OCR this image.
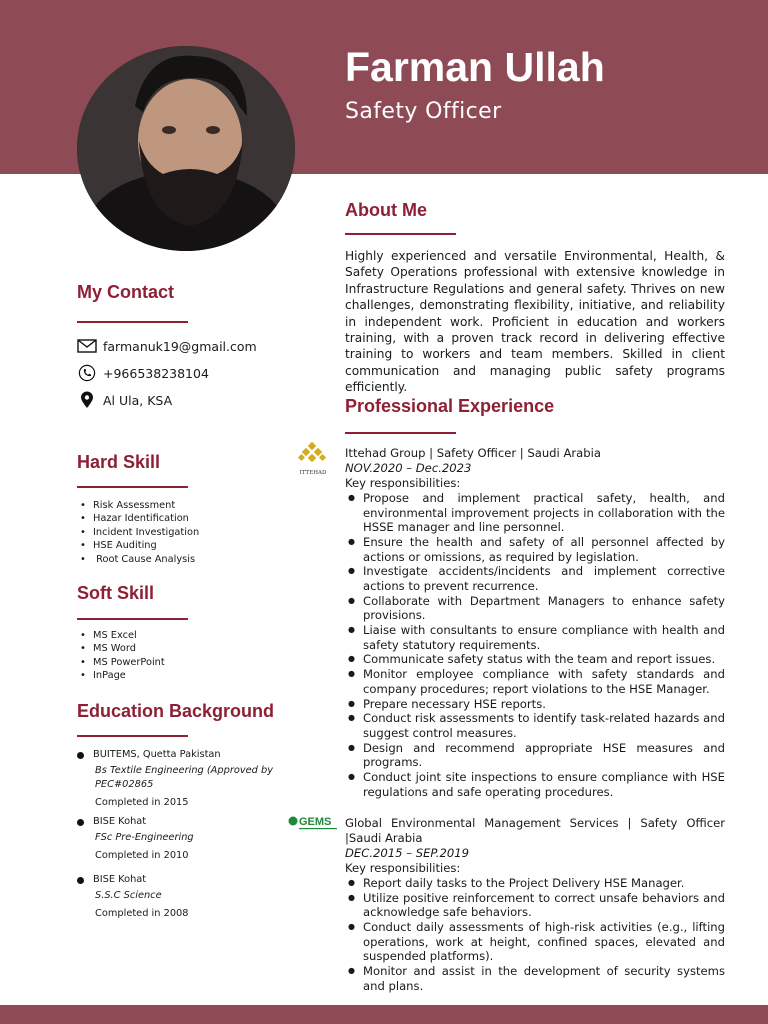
Farman Ullah
Safety Officer
My Contact
farmanuk19@gmail.com
+966538238104
Al Ula, KSA
Hard Skill
• Risk Assessment
• Hazar Identification
• Incident Investigation
• HSE Auditing
• Root Cause Analysis
Soft Skill
• MS Excel
• MS Word
• MS PowerPoint
• InPage
Education Background
BUITEMS, Quetta Pakistan
Bs Textile Engineering (Approved by PEC#02865
Completed in 2015
BISE Kohat
FSc Pre-Engineering
Completed in 2010
BISE Kohat
S.S.C Science
Completed in 2008
About Me
Highly experienced and versatile Environmental, Health, & Safety Operations professional with extensive knowledge in Infrastructure Regulations and general safety. Thrives on new challenges, demonstrating flexibility, initiative, and reliability in independent work. Proficient in education and workers training, with a proven track record in delivering effective training to workers and team members. Skilled in client communication and managing public safety programs efficiently.
Professional Experience
ITTEHAD
Ittehad Group | Safety Officer | Saudi Arabia
NOV.2020 – Dec.2023
Key responsibilities:
● Propose and implement practical safety, health, and environmental improvement projects in collaboration with the HSSE manager and line personnel.
● Ensure the health and safety of all personnel affected by actions or omissions, as required by legislation.
● Investigate accidents/incidents and implement corrective actions to prevent recurrence.
● Collaborate with Department Managers to enhance safety provisions.
● Liaise with consultants to ensure compliance with health and safety statutory requirements.
● Communicate safety status with the team and report issues.
● Monitor employee compliance with safety standards and company procedures; report violations to the HSE Manager.
● Prepare necessary HSE reports.
● Conduct risk assessments to identify task-related hazards and suggest control measures.
● Design and recommend appropriate HSE measures and programs.
● Conduct joint site inspections to ensure compliance with HSE regulations and safe operating procedures.
GEMS Global Environmental Management Services | Safety Officer |Saudi Arabia
DEC.2015 – SEP.2019
Key responsibilities:
● Report daily tasks to the Project Delivery HSE Manager.
● Utilize positive reinforcement to correct unsafe behaviors and acknowledge safe behaviors.
● Conduct daily assessments of high-risk activities (e.g., lifting operations, work at height, confined spaces, elevated and suspended platforms).
● Monitor and assist in the development of security systems and plans.
